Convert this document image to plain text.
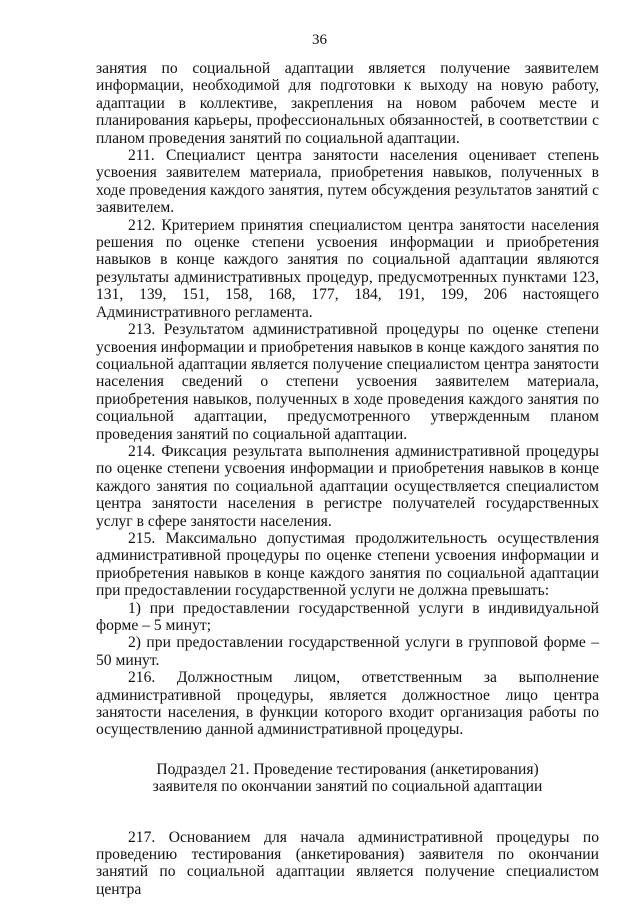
36

занятия по социальной адаптации является получение заявителем информации, необходимой для подготовки к выходу на новую работу, адаптации в коллективе, закрепления на новом рабочем месте и планирования карьеры, профессиональных обязанностей, в соответствии с планом проведения занятий по социальной адаптации.

211. Специалист центра занятости населения оценивает степень усвоения заявителем материала, приобретения навыков, полученных в ходе проведения каждого занятия, путем обсуждения результатов занятий с заявителем.

212. Критерием принятия специалистом центра занятости населения решения по оценке степени усвоения информации и приобретения навыков в конце каждого занятия по социальной адаптации являются результаты административных процедур, предусмотренных пунктами 123, 131, 139, 151, 158, 168, 177, 184, 191, 199, 206 настоящего Административного регламента.

213. Результатом административной процедуры по оценке степени усвоения информации и приобретения навыков в конце каждого занятия по социальной адаптации является получение специалистом центра занятости населения сведений о степени усвоения заявителем материала, приобретения навыков, полученных в ходе проведения каждого занятия по социальной адаптации, предусмотренного утвержденным планом проведения занятий по социальной адаптации.

214. Фиксация результата выполнения административной процедуры по оценке степени усвоения информации и приобретения навыков в конце каждого занятия по социальной адаптации осуществляется специалистом центра занятости населения в регистре получателей государственных услуг в сфере занятости населения.

215. Максимально допустимая продолжительность осуществления административной процедуры по оценке степени усвоения информации и приобретения навыков в конце каждого занятия по социальной адаптации при предоставлении государственной услуги не должна превышать:

1) при предоставлении государственной услуги в индивидуальной форме – 5 минут;

2) при предоставлении государственной услуги в групповой форме – 50 минут.

216. Должностным лицом, ответственным за выполнение административной процедуры, является должностное лицо центра занятости населения, в функции которого входит организация работы по осуществлению данной административной процедуры.

Подраздел 21. Проведение тестирования (анкетирования)
заявителя по окончании занятий по социальной адаптации

217. Основанием для начала административной процедуры по проведению тестирования (анкетирования) заявителя по окончании занятий по социальной адаптации является получение специалистом центра
